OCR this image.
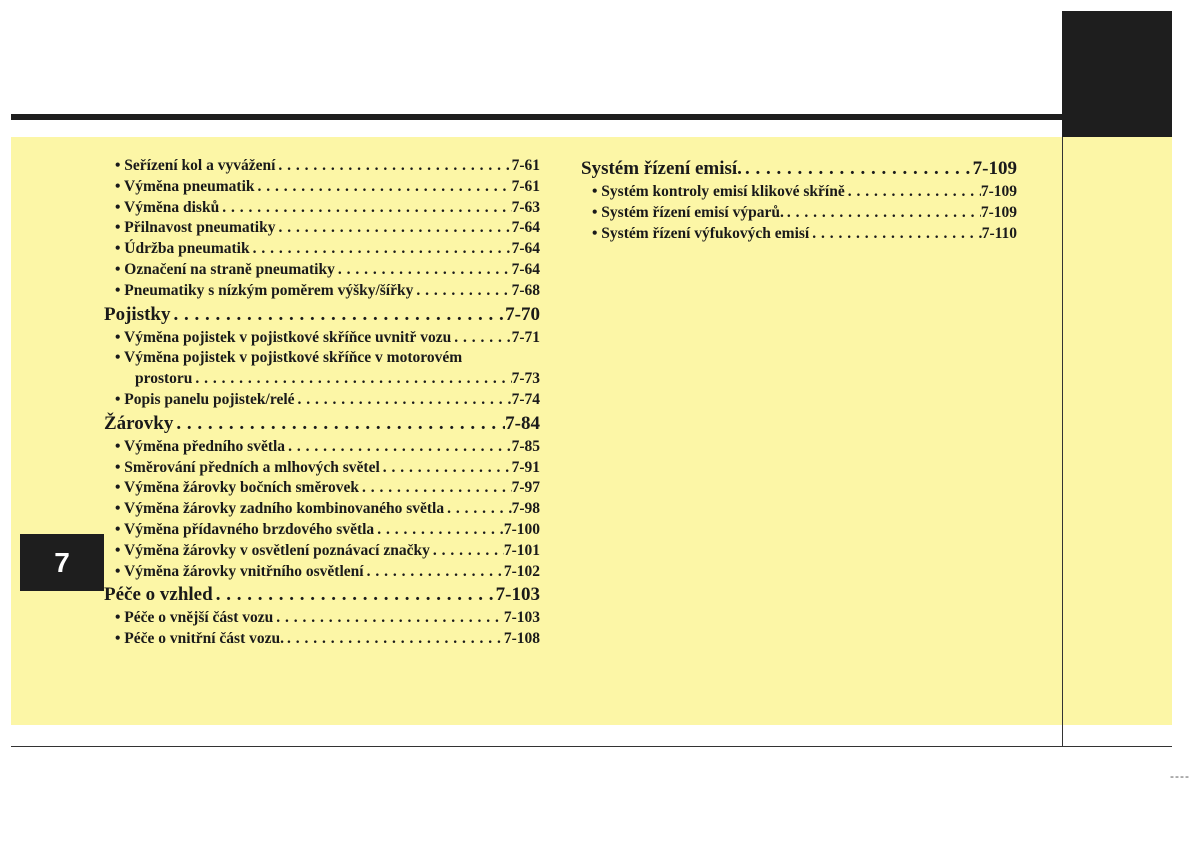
• Seřízení kol a vyvážení . . .	7-61
• Výměna pneumatik . . .	7-61
• Výměna disků . . .	7-63
• Přilnavost pneumatiky . . .	7-64
• Údržba pneumatik . . .	7-64
• Označení na straně pneumatiky . . .	7-64
• Pneumatiky s nízkým poměrem výšky/šířky . . .	7-68
Pojistky . . .	7-70
• Výměna pojistek v pojistkové skříňce uvnitř vozu . . .	7-71
• Výměna pojistek v pojistkové skříňce v motorovém
prostoru . . .	7-73
• Popis panelu pojistek/relé . . .	7-74
Žárovky . . .	7-84
• Výměna předního světla . . .	7-85
• Směrování předních a mlhových světel . . .	7-91
• Výměna žárovky bočních směrovek . . .	7-97
• Výměna žárovky zadního kombinovaného světla . . .	7-98
• Výměna přídavného brzdového světla . . .	7-100
• Výměna žárovky v osvětlení poznávací značky . . .	7-101
• Výměna žárovky vnitřního osvětlení . . .	7-102
Péče o vzhled . . .	7-103
• Péče o vnější část vozu . . .	7-103
• Péče o vnitřní část vozu. . . .	7-108
Systém řízení emisí. . . .	7-109
• Systém kontroly emisí klikové skříně . . .	7-109
• Systém řízení emisí výparů. . . .	7-109
• Systém řízení výfukových emisí . . .	7-110
7
----
